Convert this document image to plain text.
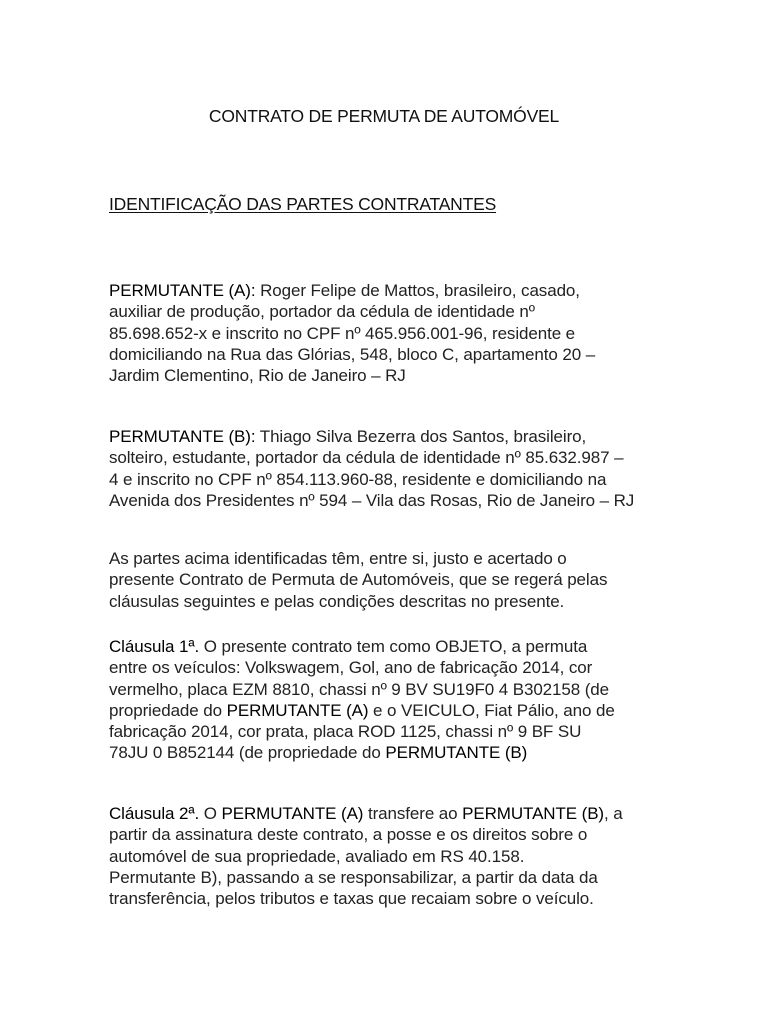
CONTRATO DE PERMUTA DE AUTOMÓVEL
IDENTIFICAÇÃO DAS PARTES CONTRATANTES
PERMUTANTE (A): Roger Felipe de Mattos, brasileiro, casado,
auxiliar de produção, portador da cédula de identidade nº
85.698.652-x e inscrito no CPF nº 465.956.001-96, residente e
domiciliando na Rua das Glórias, 548, bloco C, apartamento 20 –
Jardim Clementino, Rio de Janeiro – RJ
PERMUTANTE (B): Thiago Silva Bezerra dos Santos, brasileiro,
solteiro, estudante, portador da cédula de identidade nº 85.632.987 –
4 e inscrito no CPF nº 854.113.960-88, residente e domiciliando na
Avenida dos Presidentes nº 594 – Vila das Rosas, Rio de Janeiro – RJ
As partes acima identificadas têm, entre si, justo e acertado o
presente Contrato de Permuta de Automóveis, que se regerá pelas
cláusulas seguintes e pelas condições descritas no presente.
Cláusula 1ª. O presente contrato tem como OBJETO, a permuta
entre os veículos: Volkswagem, Gol, ano de fabricação 2014, cor
vermelho, placa EZM 8810, chassi nº 9 BV SU19F0 4 B302158 (de
propriedade do PERMUTANTE (A) e o VEICULO, Fiat Pálio, ano de
fabricação 2014, cor prata, placa ROD 1125, chassi nº 9 BF SU
78JU 0 B852144 (de propriedade do PERMUTANTE (B)
Cláusula 2ª. O PERMUTANTE (A) transfere ao PERMUTANTE (B), a
partir da assinatura deste contrato, a posse e os direitos sobre o
automóvel de sua propriedade, avaliado em RS 40.158.
Permutante B), passando a se responsabilizar, a partir da data da
transferência, pelos tributos e taxas que recaiam sobre o veículo.
